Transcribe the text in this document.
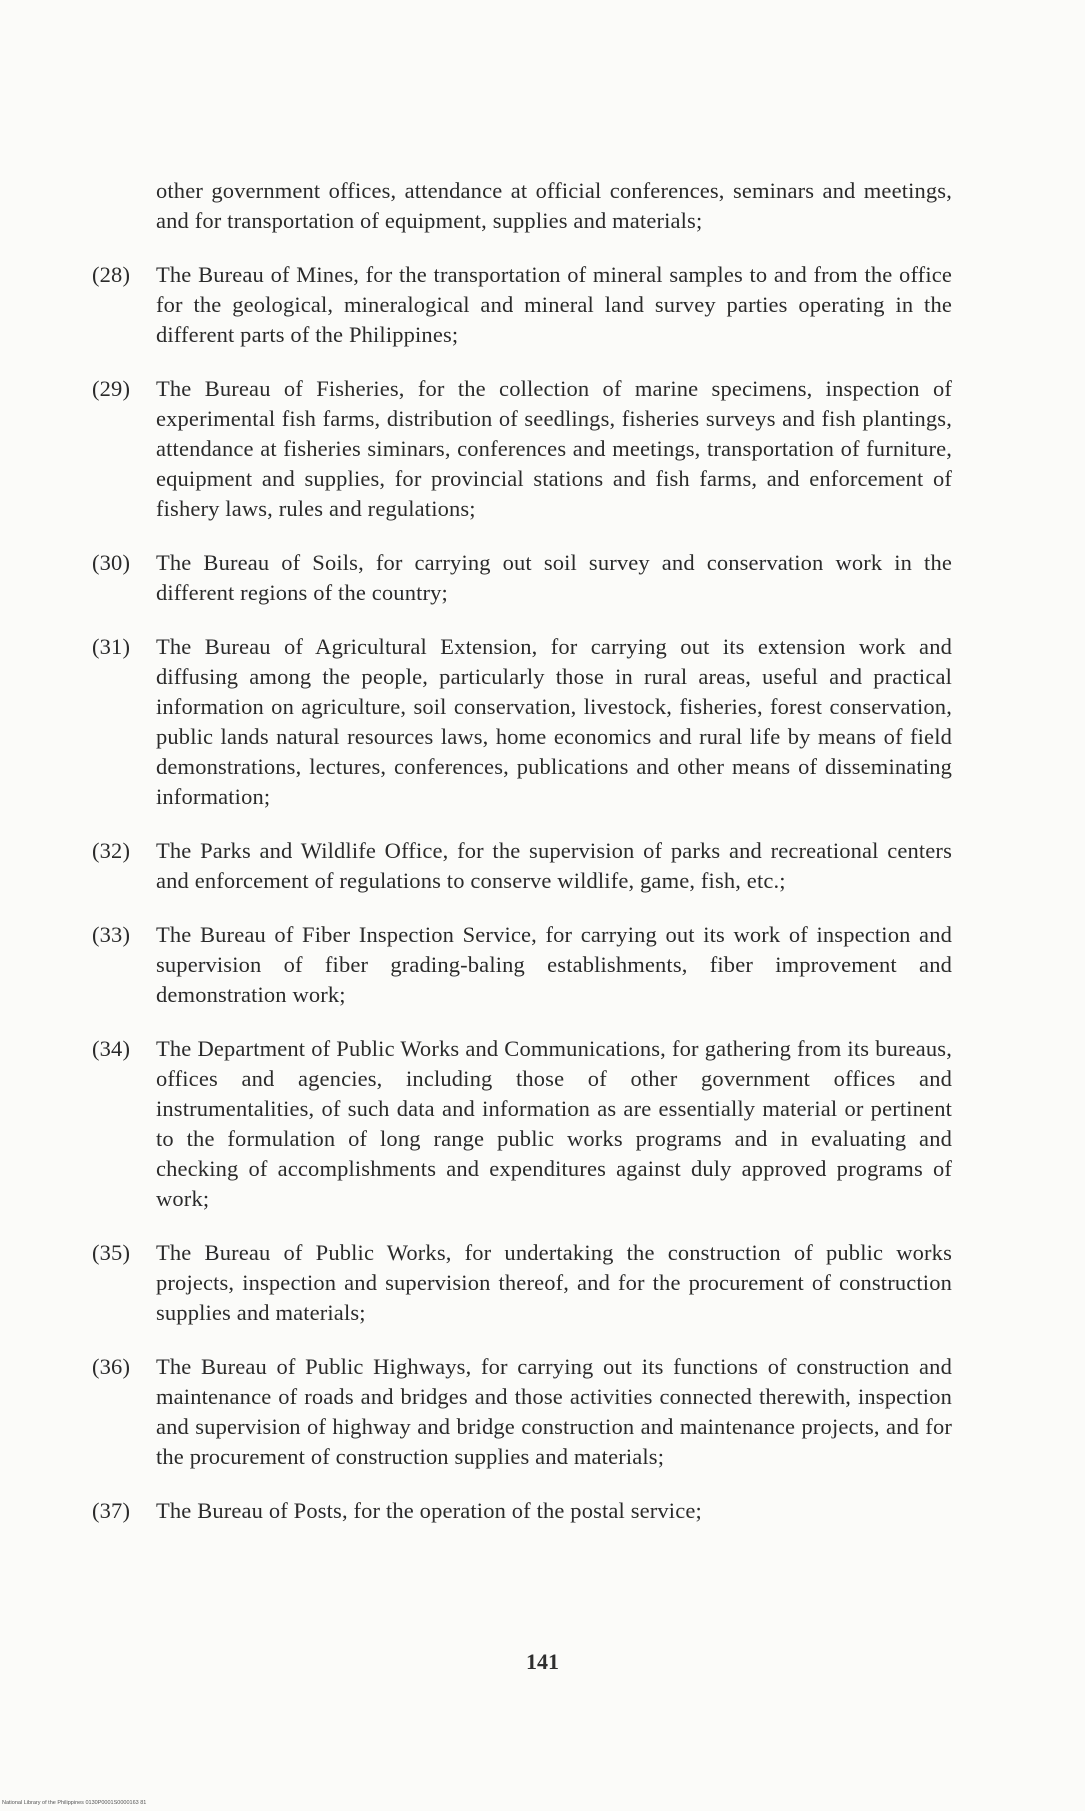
other government offices, attendance at official conferences, seminars and meetings, and for transportation of equipment, supplies and materials;

(28)	The Bureau of Mines, for the transportation of mineral samples to and from the office for the geological, mineralogical and mineral land survey parties operating in the different parts of the Philippines;
(29)	The Bureau of Fisheries, for the collection of marine specimens, inspection of experimental fish farms, distribution of seedlings, fisheries surveys and fish plantings, attendance at fisheries siminars, conferences and meetings, transportation of furniture, equipment and supplies, for provincial stations and fish farms, and enforcement of fishery laws, rules and regulations;
(30)	The Bureau of Soils, for carrying out soil survey and conservation work in the different regions of the country;
(31)	The Bureau of Agricultural Extension, for carrying out its extension work and diffusing among the people, particularly those in rural areas, useful and practical information on agriculture, soil conservation, livestock, fisheries, forest conservation, public lands natural resources laws, home economics and rural life by means of field demonstrations, lectures, conferences, publications and other means of disseminating information;
(32)	The Parks and Wildlife Office, for the supervision of parks and recreational centers and enforcement of regulations to conserve wildlife, game, fish, etc.;
(33)	The Bureau of Fiber Inspection Service, for carrying out its work of inspection and supervision of fiber grading-baling establishments, fiber improvement and demonstration work;
(34)	The Department of Public Works and Communications, for gathering from its bureaus, offices and agencies, including those of other government offices and instrumentalities, of such data and information as are essentially material or pertinent to the formulation of long range public works programs and in evaluating and checking of accomplishments and expenditures against duly approved programs of work;
(35)	The Bureau of Public Works, for undertaking the construction of public works projects, inspection and supervision thereof, and for the procurement of construction supplies and materials;
(36)	The Bureau of Public Highways, for carrying out its functions of construction and maintenance of roads and bridges and those activities connected therewith, inspection and supervision of highway and bridge construction and maintenance projects, and for the procurement of construction supplies and materials;
(37)	The Bureau of Posts, for the operation of the postal service;
141
National Library of the Philippines 0130P0001S0000163 81
